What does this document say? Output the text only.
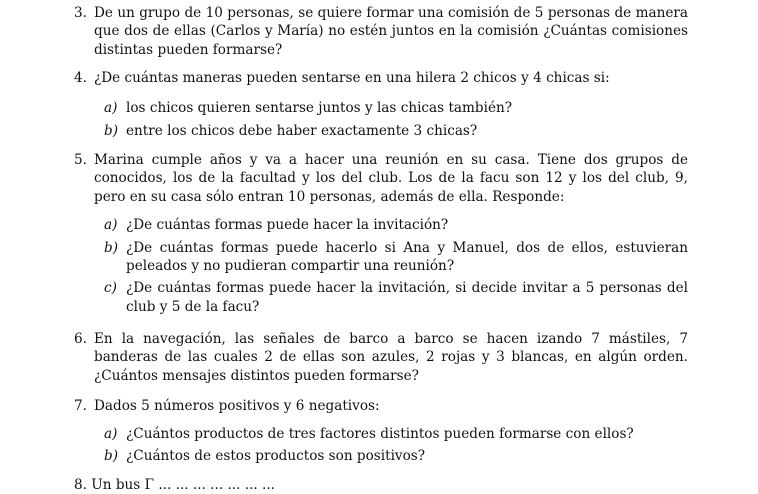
3. De un grupo de 10 personas, se quiere formar una comisión de 5 personas de manera que dos de ellas (Carlos y María) no estén juntos en la comisión ¿Cuántas comisiones distintas pueden formarse?
4. ¿De cuántas maneras pueden sentarse en una hilera 2 chicos y 4 chicas si:
a) los chicos quieren sentarse juntos y las chicas también?
b) entre los chicos debe haber exactamente 3 chicas?
5. Marina cumple años y va a hacer una reunión en su casa. Tiene dos grupos de conocidos, los de la facultad y los del club. Los de la facu son 12 y los del club, 9, pero en su casa sólo entran 10 personas, además de ella. Responde:
a) ¿De cuántas formas puede hacer la invitación?
b) ¿De cuántas formas puede hacerlo si Ana y Manuel, dos de ellos, estuvieran peleados y no pudieran compartir una reunión?
c) ¿De cuántas formas puede hacer la invitación, si decide invitar a 5 personas del club y 5 de la facu?
6. En la navegación, las señales de barco a barco se hacen izando 7 mástiles, 7 banderas de las cuales 2 de ellas son azules, 2 rojas y 3 blancas, en algún orden. ¿Cuántos mensajes distintos pueden formarse?
7. Dados 5 números positivos y 6 negativos:
a) ¿Cuántos productos de tres factores distintos pueden formarse con ellos?
b) ¿Cuántos de estos productos son positivos?
8. Un bus Γ ... ... ... ... ... ... ...
